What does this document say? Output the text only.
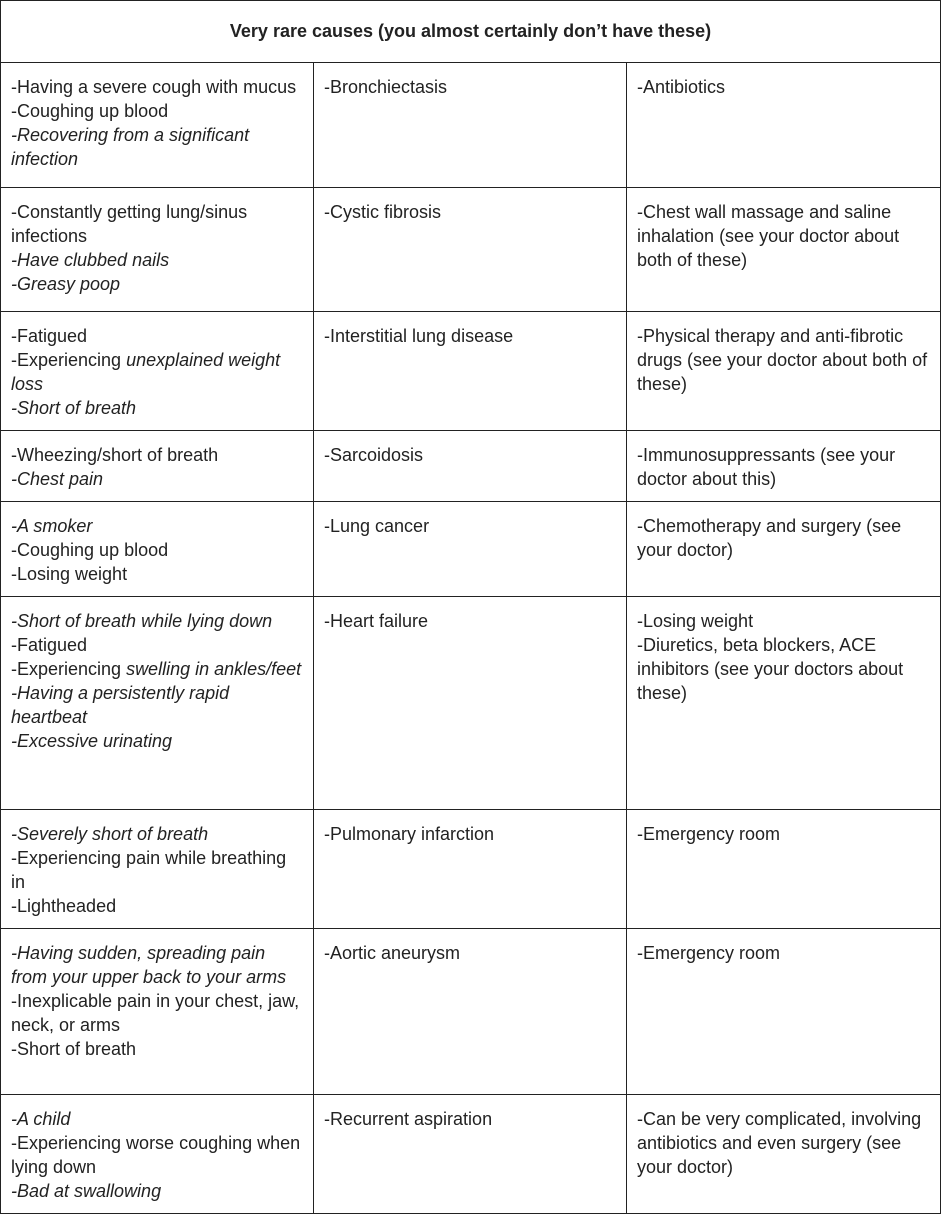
Very rare causes (you almost certainly don’t have these)		

-Having a severe cough with mucus
-Coughing up blood
-Recovering from a significant infection	-Bronchiectasis	-Antibiotics

-Constantly getting lung/sinus infections
-Have clubbed nails
-Greasy poop	-Cystic fibrosis	-Chest wall massage and saline inhalation (see your doctor about both of these)

-Fatigued
-Experiencing unexplained weight loss
-Short of breath	-Interstitial lung disease	-Physical therapy and anti-fibrotic drugs (see your doctor about both of these)

-Wheezing/short of breath
-Chest pain	-Sarcoidosis	-Immunosuppressants (see your doctor about this)

-A smoker
-Coughing up blood
-Losing weight	-Lung cancer	-Chemotherapy and surgery (see your doctor)

-Short of breath while lying down
-Fatigued
-Experiencing swelling in ankles/feet
-Having a persistently rapid heartbeat
-Excessive urinating	-Heart failure	-Losing weight
-Diuretics, beta blockers, ACE inhibitors (see your doctors about these)

-Severely short of breath
-Experiencing pain while breathing in
-Lightheaded	-Pulmonary infarction	-Emergency room

-Having sudden, spreading pain from your upper back to your arms
-Inexplicable pain in your chest, jaw, neck, or arms
-Short of breath	-Aortic aneurysm	-Emergency room

-A child
-Experiencing worse coughing when lying down
-Bad at swallowing	-Recurrent aspiration	-Can be very complicated, involving antibiotics and even surgery (see your doctor)
